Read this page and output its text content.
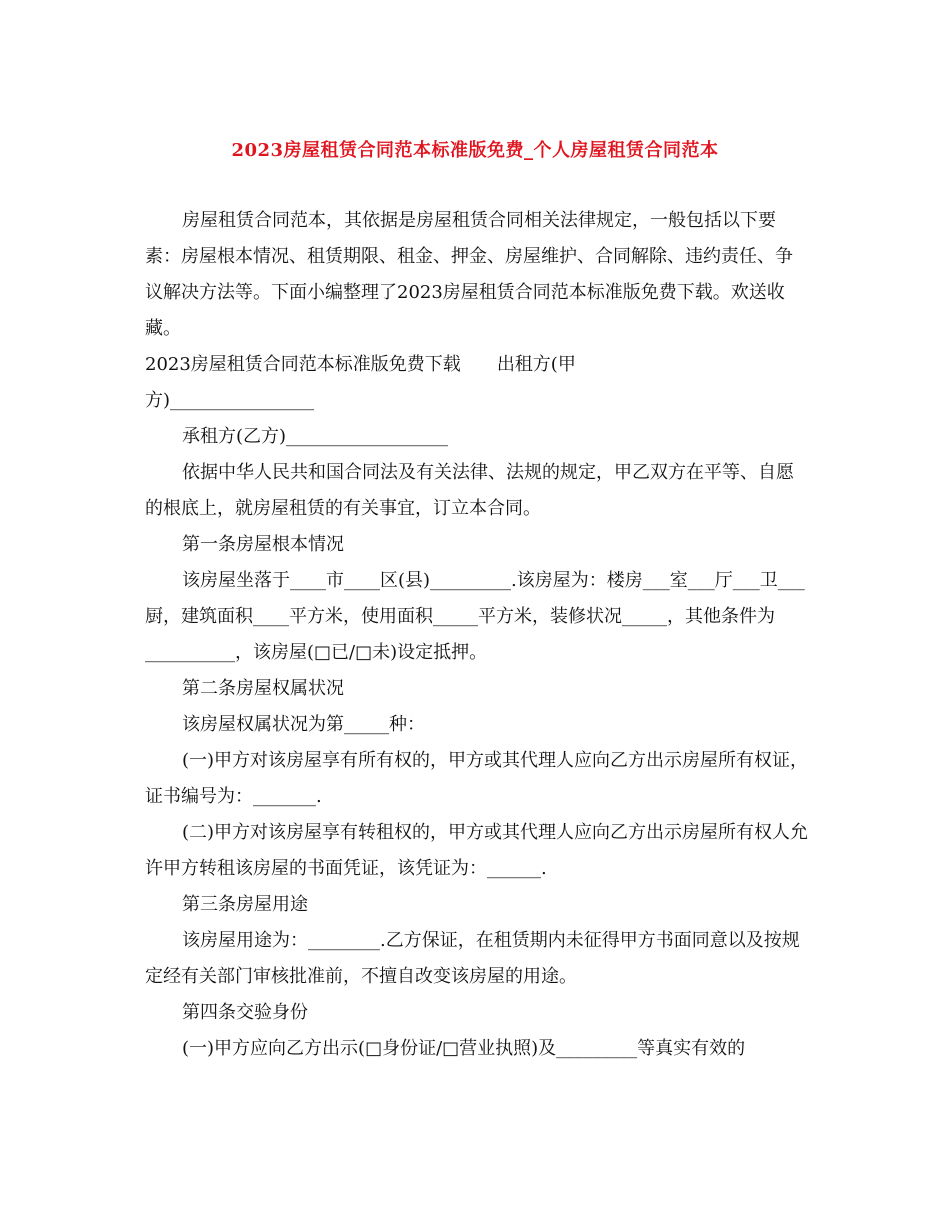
2023房屋租赁合同范本标准版免费_个人房屋租赁合同范本

房屋租赁合同范本，其依据是房屋租赁合同相关法律规定，一般包括以下要素：房屋根本情况、租赁期限、租金、押金、房屋维护、合同解除、违约责任、争议解决方法等。下面小编整理了2023房屋租赁合同范本标准版免费下载。欢送收藏。

2023房屋租赁合同范本标准版免费下载 出租方(甲

方)________________

承租方(乙方)__________________

依据中华人民共和国合同法及有关法律、法规的规定，甲乙双方在平等、自愿的根底上，就房屋租赁的有关事宜，订立本合同。

第一条房屋根本情况

该房屋坐落于____市____区(县)_________.该房屋为：楼房___室___厅___卫___厨，建筑面积____平方米，使用面积_____平方米，装修状况_____，其他条件为__________，该房屋(□已/□未)设定抵押。

第二条房屋权属状况

该房屋权属状况为第_____种：

(一)甲方对该房屋享有所有权的，甲方或其代理人应向乙方出示房屋所有权证，证书编号为：_______.

(二)甲方对该房屋享有转租权的，甲方或其代理人应向乙方出示房屋所有权人允许甲方转租该房屋的书面凭证，该凭证为：______.

第三条房屋用途

该房屋用途为：________.乙方保证，在租赁期内未征得甲方书面同意以及按规定经有关部门审核批准前，不擅自改变该房屋的用途。

第四条交验身份

(一)甲方应向乙方出示(□身份证/□营业执照)及_________等真实有效的
